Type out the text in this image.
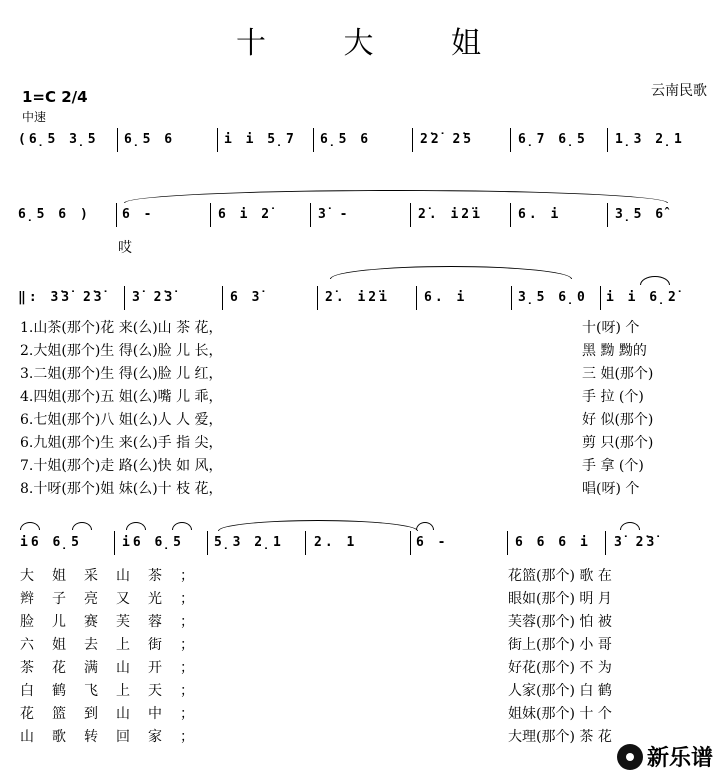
十 大 姐
云南民歌
1=C 2/4
中速
(6̣5 3̣5 6̣5 6	i i 5̣7 6̣5 6	2̇2̇ 2̇5	6̣7 6̣5 1̣3 2̣1
6̣5 6 ) 6 -	6 i 2̇	3̇ -	2̇. i2̇i	6. i	3̣5 6̂
哎
‖: 3̇3̇ 2̇3̇ 3̇ 2̇3̇	6 3̇	2̇. i2̇i	6. i	3̣5 6̣0 i i 6̣2̇
1.山茶(那个)花 来(么)山 茶 花，
2.大姐(那个)生 得(么)脸 儿 长，
3.二姐(那个)生 得(么)脸 儿 红，
4.四姐(那个)五 姐(么)嘴 儿 乖，
6.七姐(那个)八 姐(么)人 人 爱，
6.九姐(那个)生 来(么)手 指 尖，
7.十姐(那个)走 路(么)快 如 风，
8.十呀(那个)姐 妹(么)十 枝 花，
十(呀) 个
黑 黝 黝的
三 姐(那个)
手 拉 (个)
好 似(那个)
剪 只(那个)
手 拿 (个)
唱(呀) 个
i6 6̣5	i6 6̣5 5̣3 2̣1 2. 1	6 -	6 6 6 i 3̇ 2̇3̇
大姐采山茶；
辫子亮又光；
脸儿赛芙蓉；
六姐去上街；
茶花满山开；
白鹤飞上天；
花篮到山中；
山歌转回家；
花篮(那个) 歌 在
眼如(那个) 明 月
芙蓉(那个) 怕 被
街上(那个) 小 哥
好花(那个) 不 为
人家(那个) 白 鹤
姐妹(那个) 十 个
大理(那个) 茶 花
新乐谱
